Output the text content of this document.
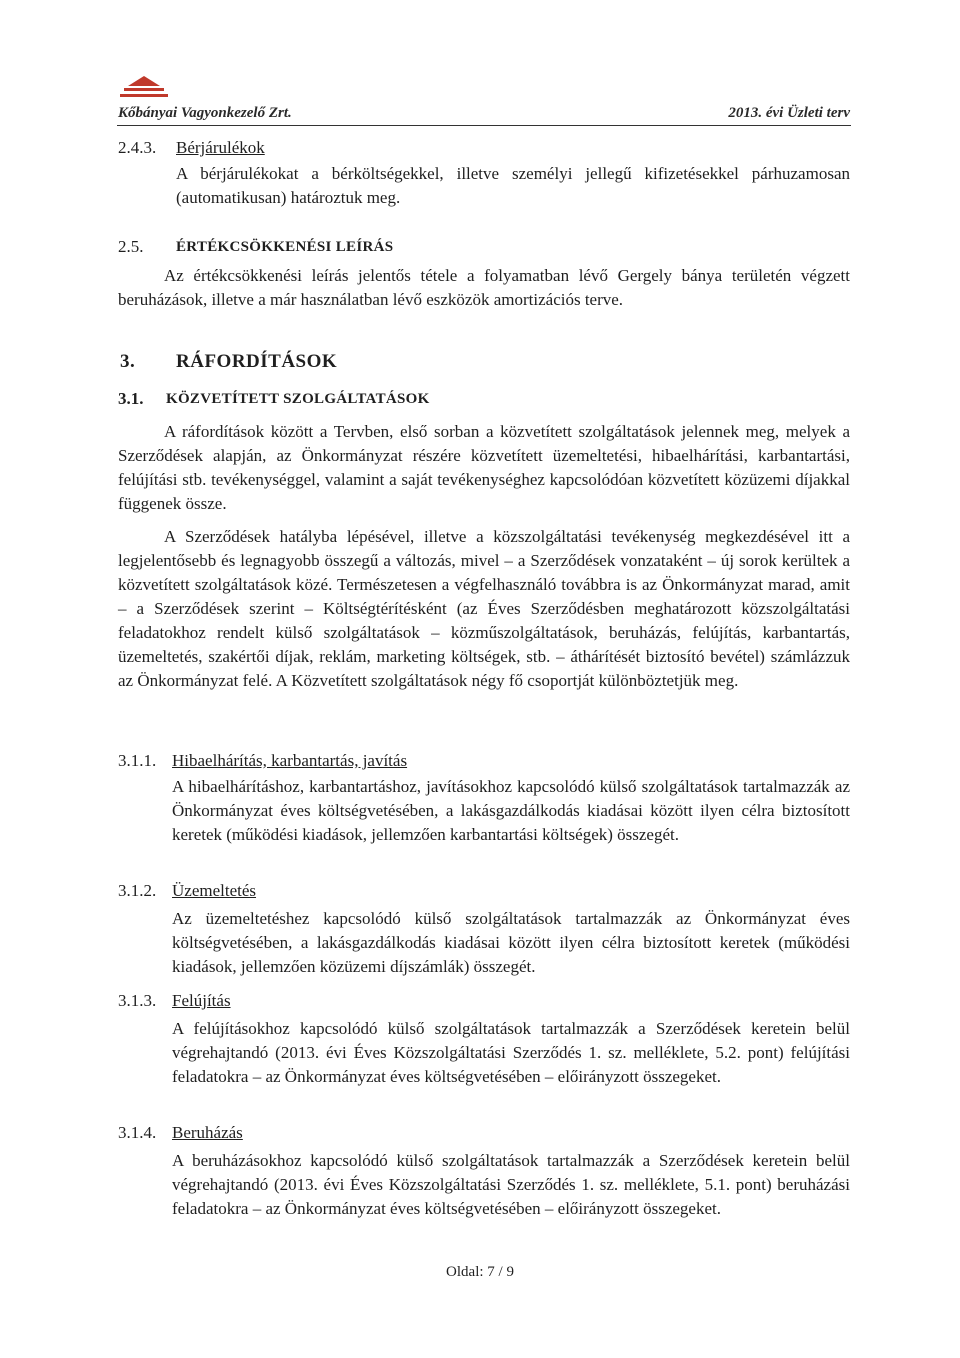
Kőbányai Vagyonkezelő Zrt.	2013. évi Üzleti terv
2.4.3. Bérjárulékok

A bérjárulékokat a bérköltségekkel, illetve személyi jellegű kifizetésekkel párhuzamosan (automatikusan) határoztuk meg.

2.5. ÉRTÉKCSÖKKENÉSI LEÍRÁS

Az értékcsökkenési leírás jelentős tétele a folyamatban lévő Gergely bánya területén végzett beruházások, illetve a már használatban lévő eszközök amortizációs terve.

3. RÁFORDÍTÁSOK
3.1. KÖZVETÍTETT SZOLGÁLTATÁSOK

A ráfordítások között a Tervben, első sorban a közvetített szolgáltatások jelennek meg, melyek a Szerződések alapján, az Önkormányzat részére közvetített üzemeltetési, hibaelhárítási, karbantartási, felújítási stb. tevékenységgel, valamint a saját tevékenységhez kapcsolódóan közvetített közüzemi díjakkal függenek össze.

A Szerződések hatályba lépésével, illetve a közszolgáltatási tevékenység megkezdésével itt a legjelentősebb és legnagyobb összegű a változás, mivel – a Szerződések vonzataként – új sorok kerültek a közvetített szolgáltatások közé. Természetesen a végfelhasználó továbbra is az Önkormányzat marad, amit – a Szerződések szerint – Költségtérítésként (az Éves Szerződésben meghatározott közszolgáltatási feladatokhoz rendelt külső szolgáltatások – közműszolgáltatások, beruházás, felújítás, karbantartás, üzemeltetés, szakértői díjak, reklám, marketing költségek, stb. – áthárítését biztosító bevétel) számlázzuk az Önkormányzat felé. A Közvetített szolgáltatások négy fő csoportját különböztetjük meg.

3.1.1. Hibaelhárítás, karbantartás, javítás

A hibaelhárításhoz, karbantartáshoz, javításokhoz kapcsolódó külső szolgáltatások tartalmazzák az Önkormányzat éves költségvetésében, a lakásgazdálkodás kiadásai között ilyen célra biztosított keretek (működési kiadások, jellemzően karbantartási költségek) összegét.

3.1.2. Üzemeltetés

Az üzemeltetéshez kapcsolódó külső szolgáltatások tartalmazzák az Önkormányzat éves költségvetésében, a lakásgazdálkodás kiadásai között ilyen célra biztosított keretek (működési kiadások, jellemzően közüzemi díjszámlák) összegét.

3.1.3. Felújítás

A felújításokhoz kapcsolódó külső szolgáltatások tartalmazzák a Szerződések keretein belül végrehajtandó (2013. évi Éves Közszolgáltatási Szerződés 1. sz. melléklete, 5.2. pont) felújítási feladatokra – az Önkormányzat éves költségvetésében – előirányzott összegeket.

3.1.4. Beruházás

A beruházásokhoz kapcsolódó külső szolgáltatások tartalmazzák a Szerződések keretein belül végrehajtandó (2013. évi Éves Közszolgáltatási Szerződés 1. sz. melléklete, 5.1. pont) beruházási feladatokra – az Önkormányzat éves költségvetésében – előirányzott összegeket.

Oldal: 7 / 9
